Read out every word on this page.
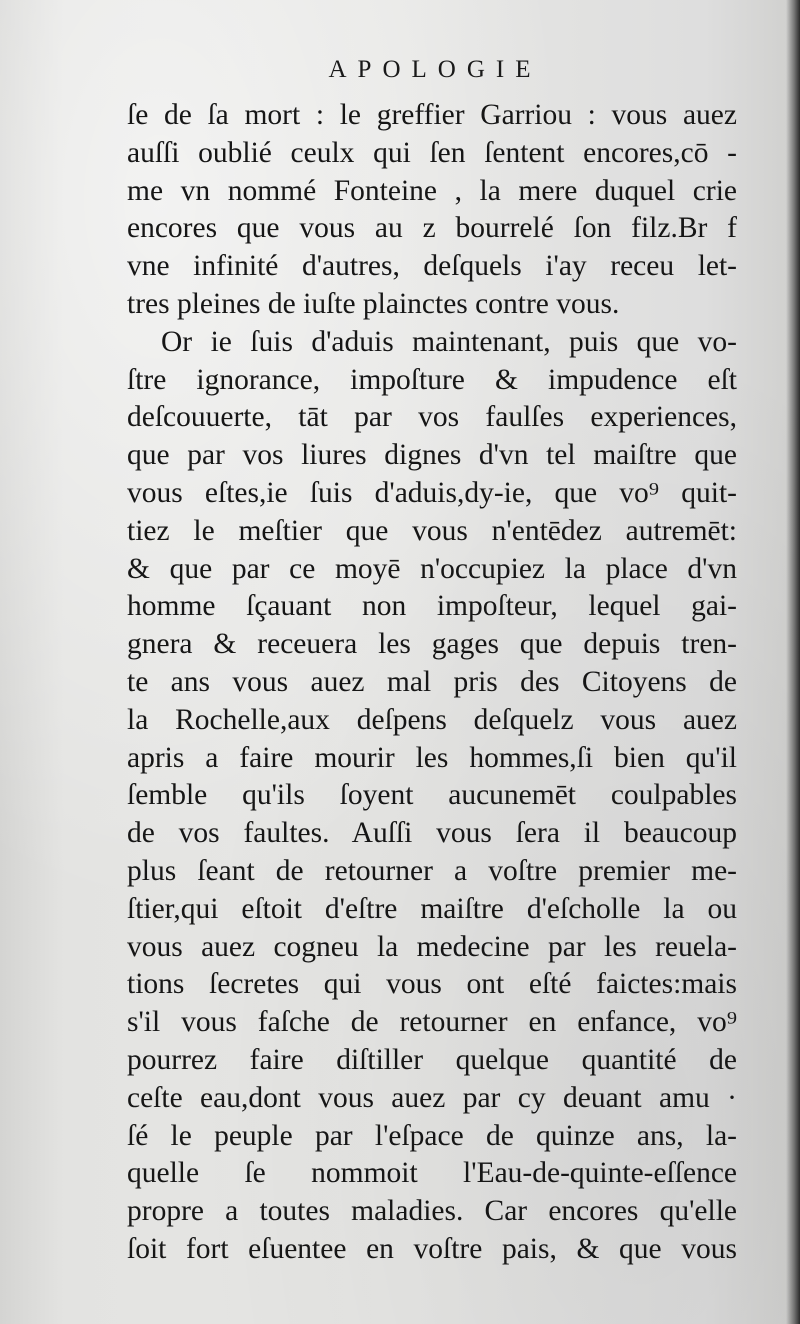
APOLOGIE
ſe de ſa mort : le greffier Garriou : vous auez
auſſi oublié ceulx qui ſen ſentent encores,cō -
me vn nommé Fonteine , la mere duquel crie
encores que vous au z bourrelé ſon filz.Br f
vne infinité d'autres, deſquels i'ay receu let-
tres pleines de iuſte plainctes contre vous.
Or ie ſuis d'aduis maintenant, puis que vo-
ſtre ignorance, impoſture & impudence eſt
deſcouuerte, tāt par vos faulſes experiences,
que par vos liures dignes d'vn tel maiſtre que
vous eſtes,ie ſuis d'aduis,dy-ie, que vo⁹ quit-
tiez le meſtier que vous n'entēdez autremēt:
& que par ce moyē n'occupiez la place d'vn
homme ſçauant non impoſteur, lequel gai-
gnera & receuera les gages que depuis tren-
te ans vous auez mal pris des Citoyens de
la Rochelle,aux deſpens deſquelz vous auez
apris a faire mourir les hommes,ſi bien qu'il
ſemble qu'ils ſoyent aucunemēt coulpables
de vos faultes. Auſſi vous ſera il beaucoup
plus ſeant de retourner a voſtre premier me-
ſtier,qui eſtoit d'eſtre maiſtre d'eſcholle la ou
vous auez cogneu la medecine par les reuela-
tions ſecretes qui vous ont eſté faictes:mais
s'il vous faſche de retourner en enfance, vo⁹
pourrez faire diſtiller quelque quantité de
ceſte eau,dont vous auez par cy deuant amu ·
ſé le peuple par l'eſpace de quinze ans, la-
quelle ſe nommoit l'Eau-de-quinte-eſſence
propre a toutes maladies. Car encores qu'elle
ſoit fort eſuentee en voſtre pais, & que vous
